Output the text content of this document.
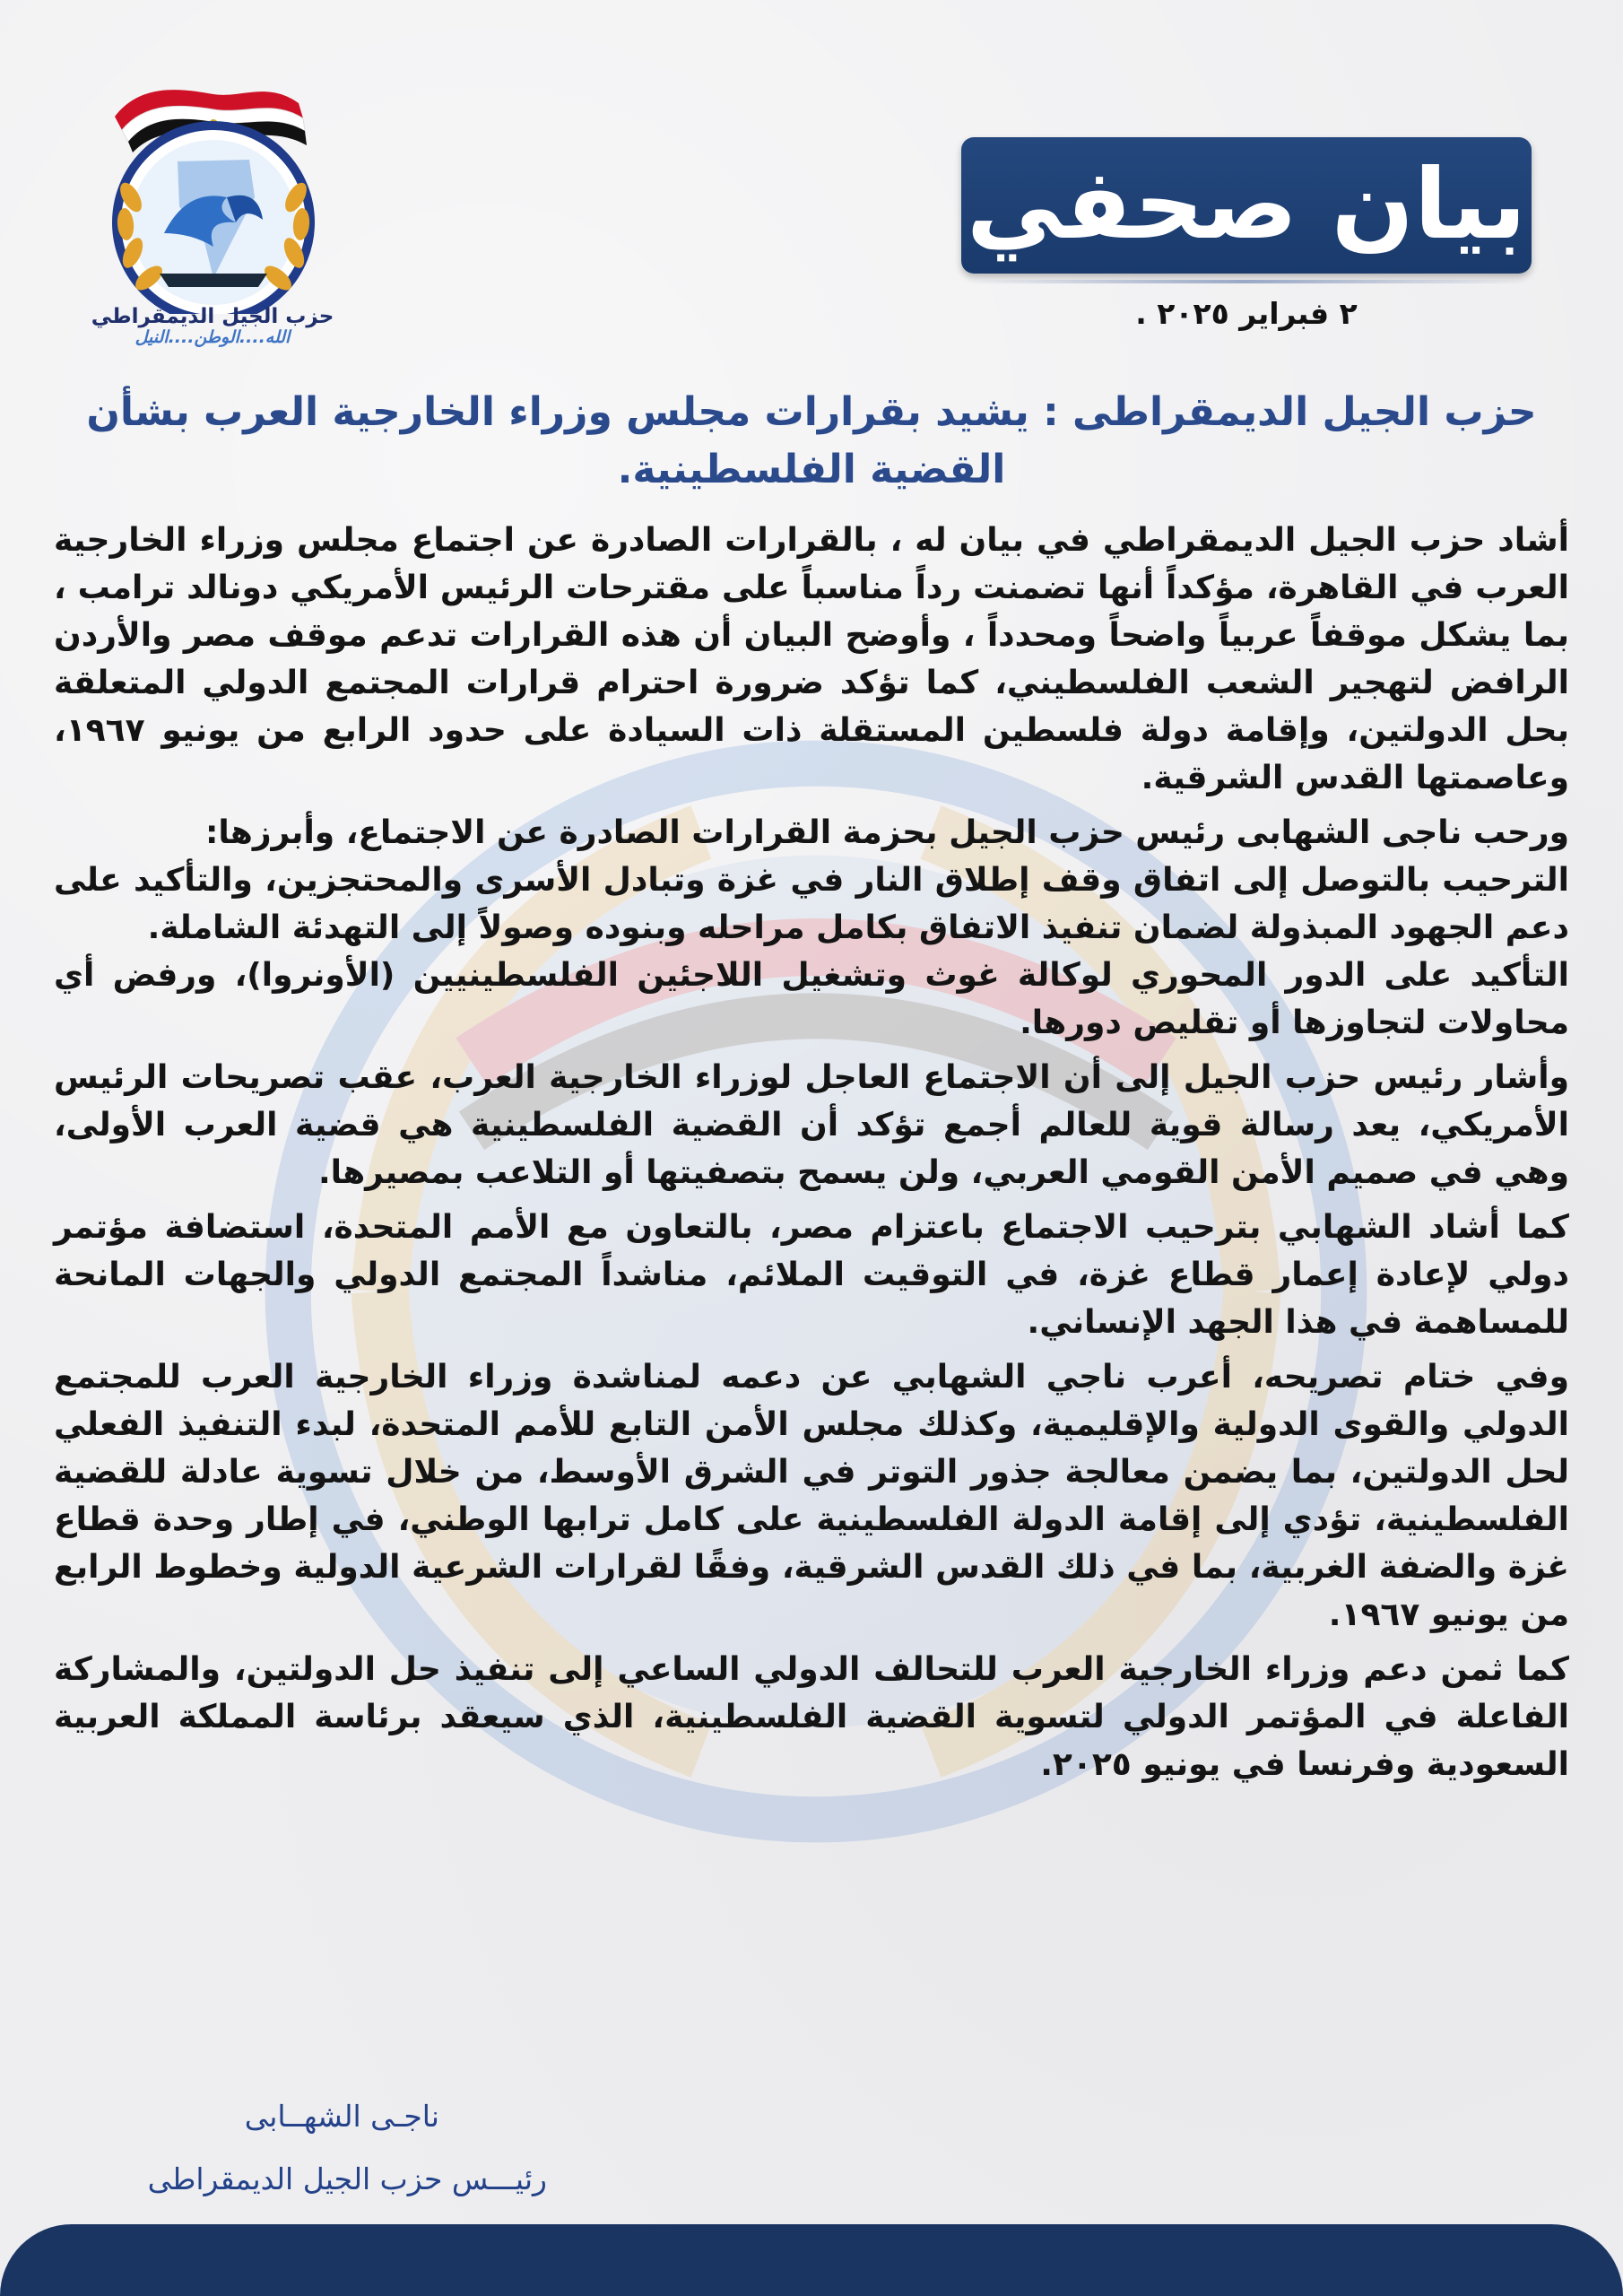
حزب الجيل الديمقراطي
الله....الوطن....النيل
بيان صحفي
٢ فبراير ٢٠٢٥ .
حزب الجيل الديمقراطى : يشيد بقرارات مجلس وزراء الخارجية العرب بشأن القضية الفلسطينية.

أشاد حزب الجيل الديمقراطي في بيان له ، بالقرارات الصادرة عن اجتماع مجلس وزراء الخارجية العرب في القاهرة، مؤكداً أنها تضمنت رداً مناسباً على مقترحات الرئيس الأمريكي دونالد ترامب ، بما يشكل موقفاً عربياً واضحاً ومحدداً ، وأوضح البيان أن هذه القرارات تدعم موقف مصر والأردن الرافض لتهجير الشعب الفلسطيني، كما تؤكد ضرورة احترام قرارات المجتمع الدولي المتعلقة بحل الدولتين، وإقامة دولة فلسطين المستقلة ذات السيادة على حدود الرابع من يونيو ١٩٦٧، وعاصمتها القدس الشرقية.

ورحب ناجى الشهابى رئيس حزب الجيل بحزمة القرارات الصادرة عن الاجتماع، وأبرزها:

الترحيب بالتوصل إلى اتفاق وقف إطلاق النار في غزة وتبادل الأسرى والمحتجزين، والتأكيد على دعم الجهود المبذولة لضمان تنفيذ الاتفاق بكامل مراحله وبنوده وصولاً إلى التهدئة الشاملة.

التأكيد على الدور المحوري لوكالة غوث وتشغيل اللاجئين الفلسطينيين (الأونروا)، ورفض أي محاولات لتجاوزها أو تقليص دورها.

وأشار رئيس حزب الجيل إلى أن الاجتماع العاجل لوزراء الخارجية العرب، عقب تصريحات الرئيس الأمريكي، يعد رسالة قوية للعالم أجمع تؤكد أن القضية الفلسطينية هي قضية العرب الأولى، وهي في صميم الأمن القومي العربي، ولن يسمح بتصفيتها أو التلاعب بمصيرها.

كما أشاد الشهابي بترحيب الاجتماع باعتزام مصر، بالتعاون مع الأمم المتحدة، استضافة مؤتمر دولي لإعادة إعمار قطاع غزة، في التوقيت الملائم، مناشداً المجتمع الدولي والجهات المانحة للمساهمة في هذا الجهد الإنساني.

وفي ختام تصريحه، أعرب ناجي الشهابي عن دعمه لمناشدة وزراء الخارجية العرب للمجتمع الدولي والقوى الدولية والإقليمية، وكذلك مجلس الأمن التابع للأمم المتحدة، لبدء التنفيذ الفعلي لحل الدولتين، بما يضمن معالجة جذور التوتر في الشرق الأوسط، من خلال تسوية عادلة للقضية الفلسطينية، تؤدي إلى إقامة الدولة الفلسطينية على كامل ترابها الوطني، في إطار وحدة قطاع غزة والضفة الغربية، بما في ذلك القدس الشرقية، وفقًا لقرارات الشرعية الدولية وخطوط الرابع من يونيو ١٩٦٧.

كما ثمن دعم وزراء الخارجية العرب للتحالف الدولي الساعي إلى تنفيذ حل الدولتين، والمشاركة الفاعلة في المؤتمر الدولي لتسوية القضية الفلسطينية، الذي سيعقد برئاسة المملكة العربية السعودية وفرنسا في يونيو ٢٠٢٥.

ناجـى الشهــابى
رئيـــس حزب الجيل الديمقراطى
